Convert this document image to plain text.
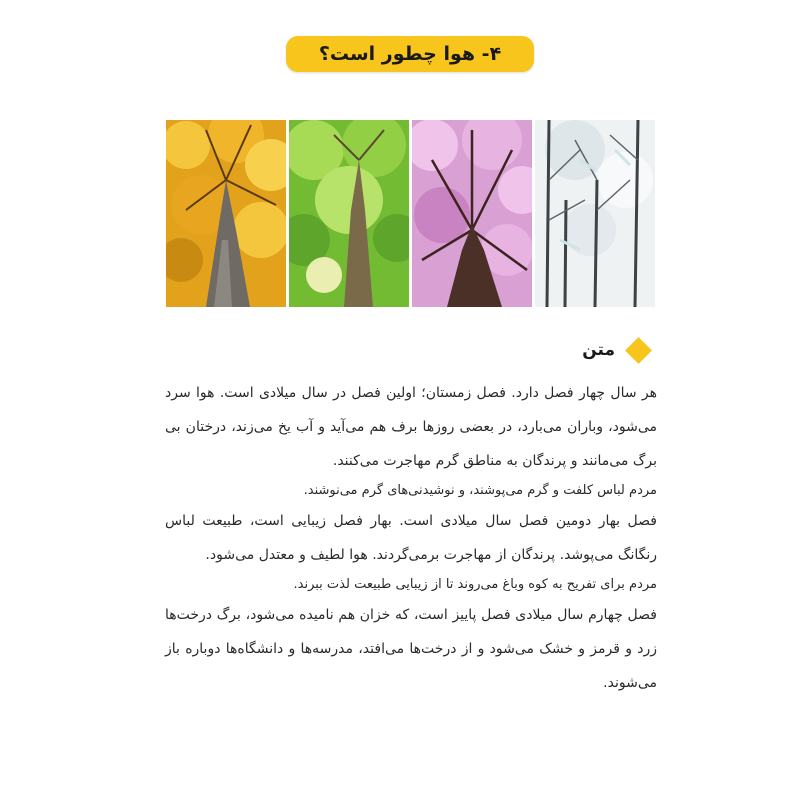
۴- هوا چطور است؟
متن

هر سال چهار فصل دارد. فصل زمستان؛ اولین فصل در سال میلادی است. هوا سرد می‌شود، وباران می‌بارد، در بعضی روزها برف هم می‌آید و آب یخ می‌زند، درختان بی برگ می‌مانند و پرندگان به مناطق گرم مهاجرت می‌کنند.

مردم لباس کلفت و گرم می‌پوشند، و نوشیدنی‌های گرم می‌نوشند.

فصل بهار دومین فصل سال میلادی است. بهار فصل زیبایی است، طبیعت لباس رنگانگ می‌پوشد. پرندگان از مهاجرت برمی‌گردند. هوا لطیف و معتدل می‌شود.

مردم برای تفریح به کوه وباغ می‌روند تا از زیبایی طبیعت لذت ببرند.

فصل چهارم سال میلادی فصل پاییز است، که خزان هم نامیده می‌شود، برگ درخت‌ها زرد و قرمز و خشک می‌شود و از درخت‌ها می‌افتد، مدرسه‌ها و دانشگاه‌ها دوباره باز می‌شوند.
